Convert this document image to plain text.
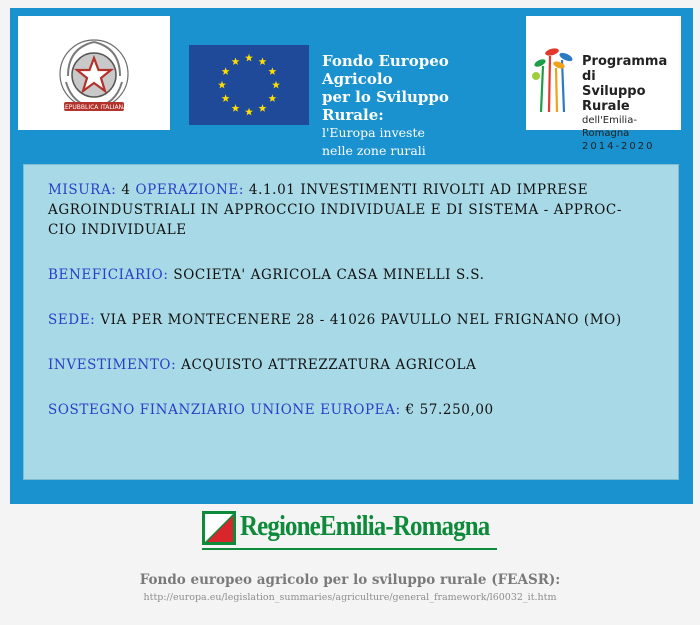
REPUBBLICA ITALIANA
Fondo Europeo Agricolo
per lo Sviluppo Rurale:
l'Europa investe
nelle zone rurali
Programma di
Sviluppo Rurale
dell'Emilia-Romagna
2014-2020
MISURA: 4 OPERAZIONE: 4.1.01 INVESTIMENTI RIVOLTI AD IMPRESE
AGROINDUSTRIALI IN APPROCCIO INDIVIDUALE E DI SISTEMA - APPROC-
CIO INDIVIDUALE
BENEFICIARIO: SOCIETA' AGRICOLA CASA MINELLI S.S.
SEDE: VIA PER MONTECENERE 28 - 41026 PAVULLO NEL FRIGNANO (MO)
INVESTIMENTO: ACQUISTO ATTREZZATURA AGRICOLA
SOSTEGNO FINANZIARIO UNIONE EUROPEA: € 57.250,00
RegioneEmilia-Romagna
Fondo europeo agricolo per lo sviluppo rurale (FEASR):
http://europa.eu/legislation_summaries/agriculture/general_framework/l60032_it.htm
